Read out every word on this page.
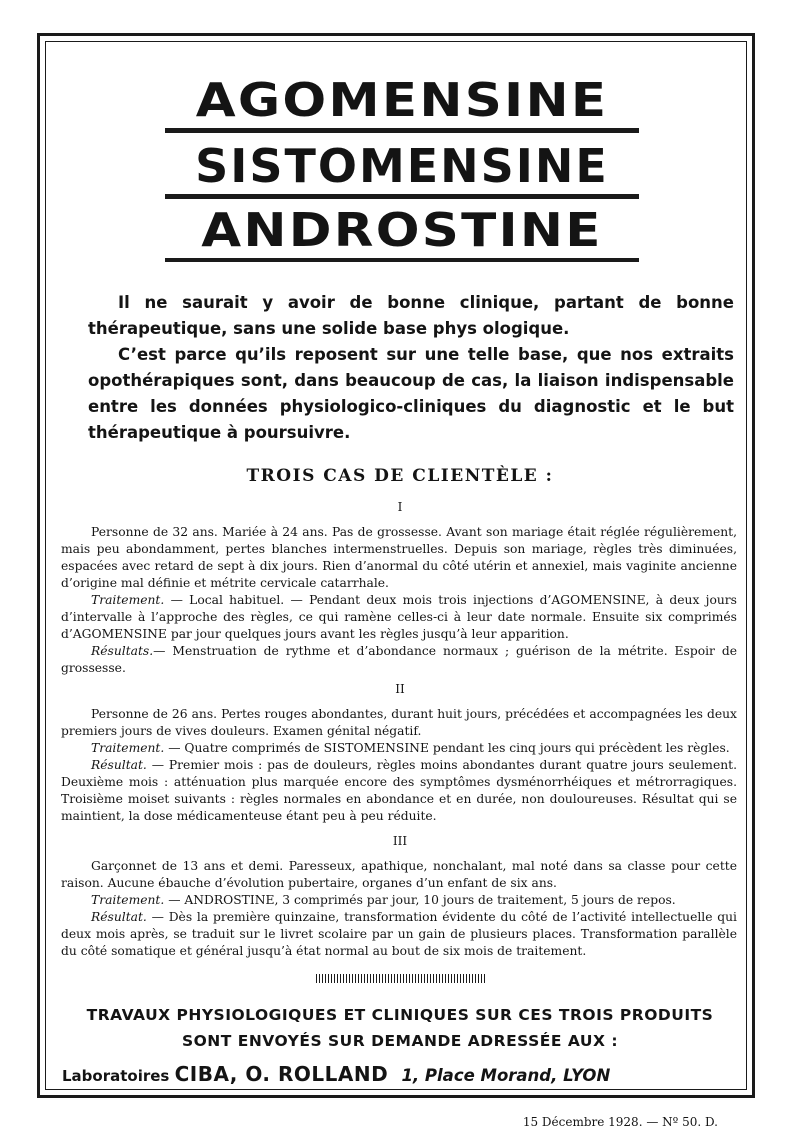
AGOMENSINE
SISTOMENSINE
ANDROSTINE

Il ne saurait y avoir de bonne clinique, partant de bonne thérapeutique, sans une solide base phys ologique.

C’est parce qu’ils reposent sur une telle base, que nos extraits opothérapiques sont, dans beaucoup de cas, la liaison indispensable entre les données physiologico-cliniques du diagnostic et le but thérapeutique à poursuivre.

TROIS CAS DE CLIENTÈLE :
I

Personne de 32 ans. Mariée à 24 ans. Pas de grossesse. Avant son mariage était réglée régulièrement, mais peu abondamment, pertes blanches intermenstruelles. Depuis son mariage, règles très diminuées, espacées avec retard de sept à dix jours. Rien d’anormal du côté utérin et annexiel, mais vaginite ancienne d’origine mal définie et métrite cervicale catarrhale.

Traitement. — Local habituel. — Pendant deux mois trois injections d’AGOMENSINE, à deux jours d’intervalle à l’approche des règles, ce qui ramène celles-ci à leur date normale. Ensuite six comprimés d’AGOMENSINE par jour quelques jours avant les règles jusqu’à leur apparition.

Résultats.— Menstruation de rythme et d’abondance normaux ; guérison de la métrite. Espoir de grossesse.

II

Personne de 26 ans. Pertes rouges abondantes, durant huit jours, précédées et accompagnées les deux premiers jours de vives douleurs. Examen génital négatif.

Traitement. — Quatre comprimés de SISTOMENSINE pendant les cinq jours qui précèdent les règles.

Résultat. — Premier mois : pas de douleurs, règles moins abondantes durant quatre jours seulement. Deuxième mois : atténuation plus marquée encore des symptômes dysménorrhéiques et métrorragiques. Troisième moiset suivants : règles normales en abondance et en durée, non douloureuses. Résultat qui se maintient, la dose médicamenteuse étant peu à peu réduite.

III

Garçonnet de 13 ans et demi. Paresseux, apathique, nonchalant, mal noté dans sa classe pour cette raison. Aucune ébauche d’évolution pubertaire, organes d’un enfant de six ans.

Traitement. — ANDROSTINE, 3 comprimés par jour, 10 jours de traitement, 5 jours de repos.

Résultat. — Dès la première quinzaine, transformation évidente du côté de l’activité intellectuelle qui deux mois après, se traduit sur le livret scolaire par un gain de plusieurs places. Transformation parallèle du côté somatique et général jusqu’à état normal au bout de six mois de traitement.

TRAVAUX PHYSIOLOGIQUES ET CLINIQUES SUR CES TROIS PRODUITS
SONT ENVOYÉS SUR DEMANDE ADRESSÉE AUX :
Laboratoires CIBA, O. ROLLAND 1, Place Morand, LYON
15 Décembre 1928. — Nº 50. D.
